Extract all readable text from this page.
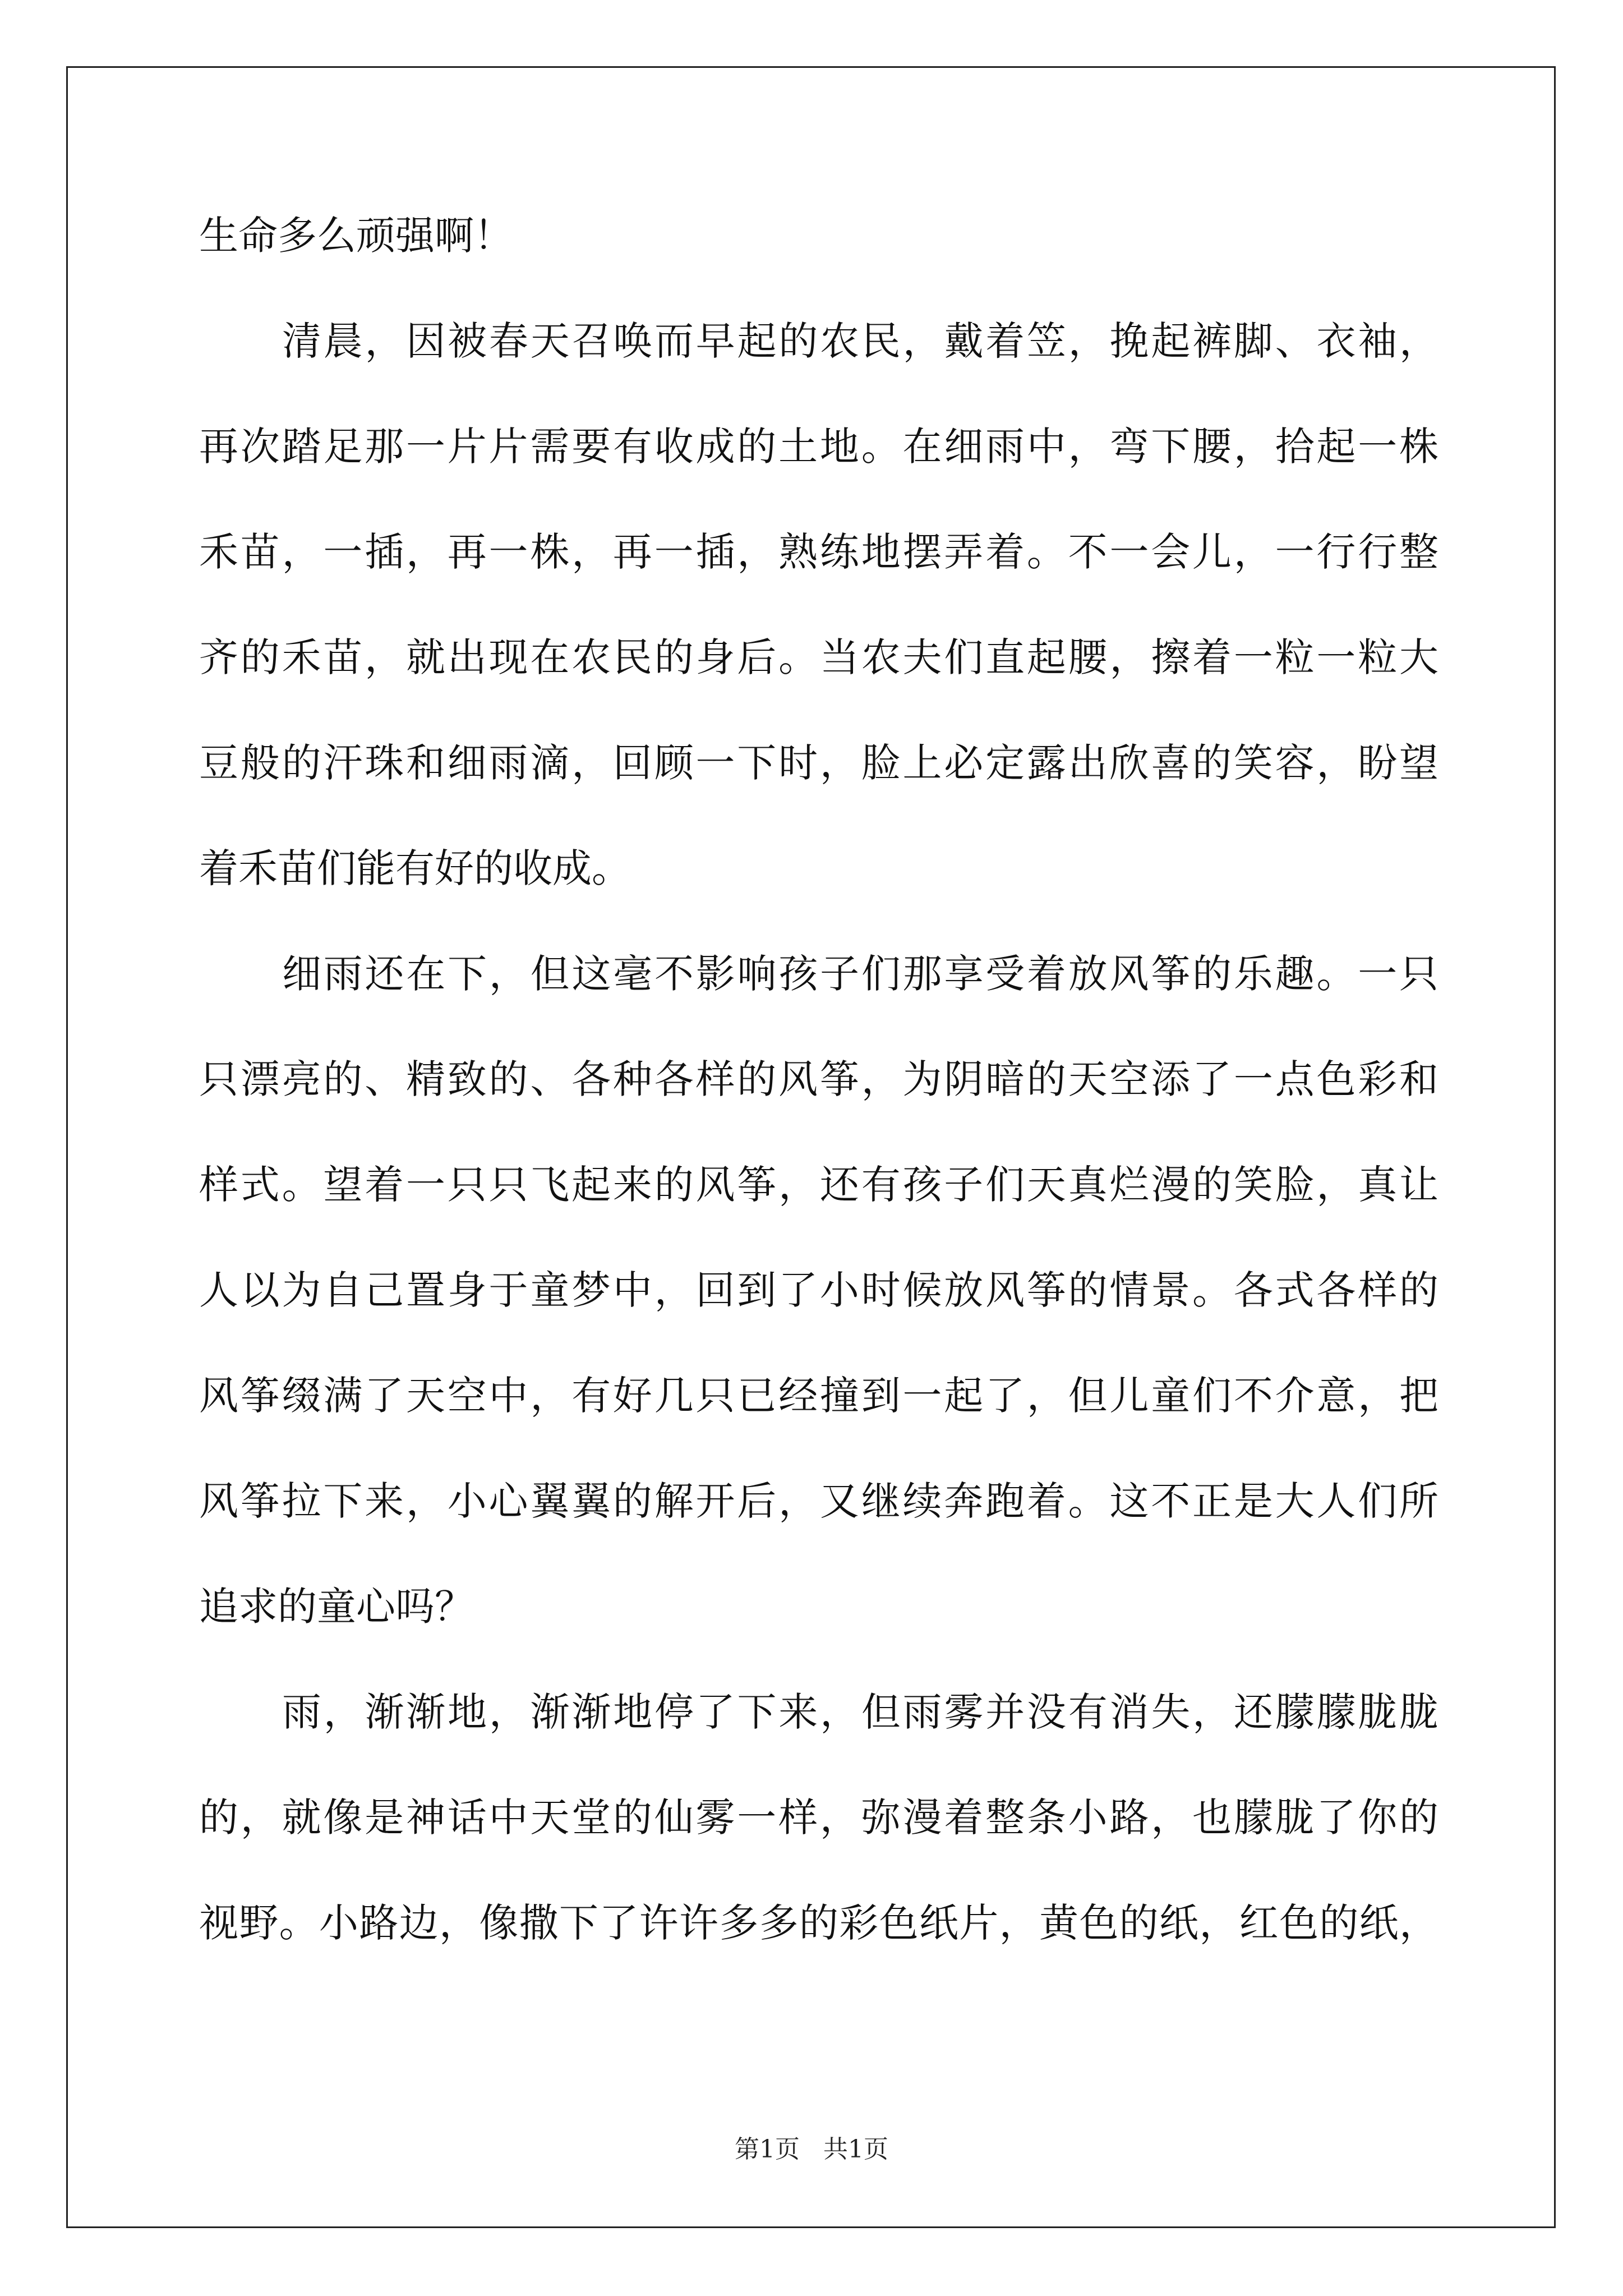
生命多么顽强啊！
清晨，因被春天召唤而早起的农民，戴着笠，挽起裤脚、衣袖，
再次踏足那一片片需要有收成的土地。在细雨中，弯下腰，拾起一株
禾苗，一插，再一株，再一插，熟练地摆弄着。不一会儿，一行行整
齐的禾苗，就出现在农民的身后。当农夫们直起腰，擦着一粒一粒大
豆般的汗珠和细雨滴，回顾一下时，脸上必定露出欣喜的笑容，盼望
着禾苗们能有好的收成。
细雨还在下，但这毫不影响孩子们那享受着放风筝的乐趣。一只
只漂亮的、精致的、各种各样的风筝，为阴暗的天空添了一点色彩和
样式。望着一只只飞起来的风筝，还有孩子们天真烂漫的笑脸，真让
人以为自己置身于童梦中，回到了小时候放风筝的情景。各式各样的
风筝缀满了天空中，有好几只已经撞到一起了，但儿童们不介意，把
风筝拉下来，小心翼翼的解开后，又继续奔跑着。这不正是大人们所
追求的童心吗？
雨，渐渐地，渐渐地停了下来，但雨雾并没有消失，还朦朦胧胧
的，就像是神话中天堂的仙雾一样，弥漫着整条小路，也朦胧了你的
视野。小路边，像撒下了许许多多的彩色纸片，黄色的纸，红色的纸，
第1页 共1页
